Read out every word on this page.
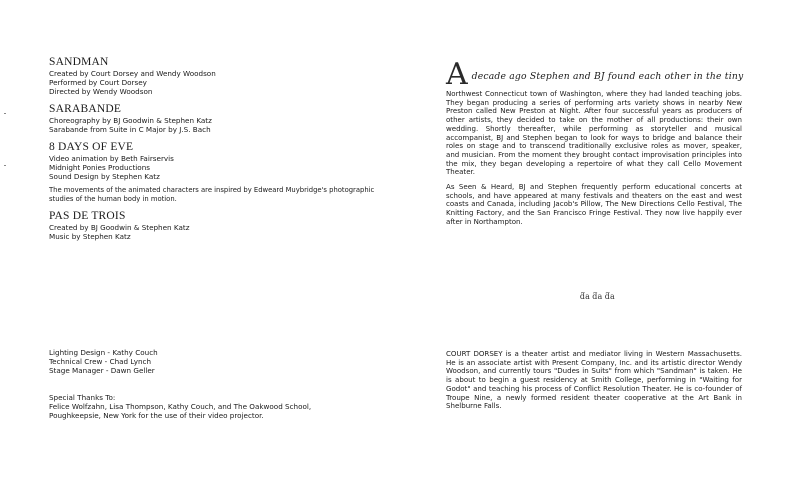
SANDMAN

Created by Court Dorsey and Wendy Woodson

Performed by Court Dorsey

Directed by Wendy Woodson

SARABANDE

Choreography by BJ Goodwin & Stephen Katz

Sarabande from Suite in C Major by J.S. Bach

8 DAYS OF EVE

Video animation by Beth Fairservis

Midnight Ponies Productions

Sound Design by Stephen Katz

The movements of the animated characters are inspired by Edweard Muybridge's photographic studies of the human body in motion.

PAS DE TROIS

Created by BJ Goodwin & Stephen Katz

Music by Stephen Katz

Lighting Design - Kathy Couch

Technical Crew - Chad Lynch

Stage Manager - Dawn Geller

Special Thanks To:

Felice Wolfzahn, Lisa Thompson, Kathy Couch, and The Oakwood School,

Poughkeepsie, New York for the use of their video projector.

A decade ago Stephen and BJ found each other in the tiny

Northwest Connecticut town of Washington, where they had landed teaching jobs. They began producing a series of performing arts variety shows in nearby New Preston called New Preston at Night. After four successful years as producers of other artists, they decided to take on the mother of all productions: their own wedding. Shortly thereafter, while performing as storyteller and musical accompanist, BJ and Stephen began to look for ways to bridge and balance their roles on stage and to transcend traditionally exclusive roles as mover, speaker, and musician. From the moment they brought contact improvisation principles into the mix, they began developing a repertoire of what they call Cello Movement Theater.

As Seen & Heard, BJ and Stephen frequently perform educational concerts at schools, and have appeared at many festivals and theaters on the east and west coasts and Canada, including Jacob's Pillow, The New Directions Cello Festival, The Knitting Factory, and the San Francisco Fringe Festival. They now live happily ever after in Northampton.

ƌa ƌa ƌa

COURT DORSEY is a theater artist and mediator living in Western Massachusetts. He is an associate artist with Present Company, Inc. and its artistic director Wendy Woodson, and currently tours "Dudes in Suits" from which "Sandman" is taken. He is about to begin a guest residency at Smith College, performing in "Waiting for Godot" and teaching his process of Conflict Resolution Theater. He is co-founder of Troupe Nine, a newly formed resident theater cooperative at the Art Bank in Shelburne Falls.
